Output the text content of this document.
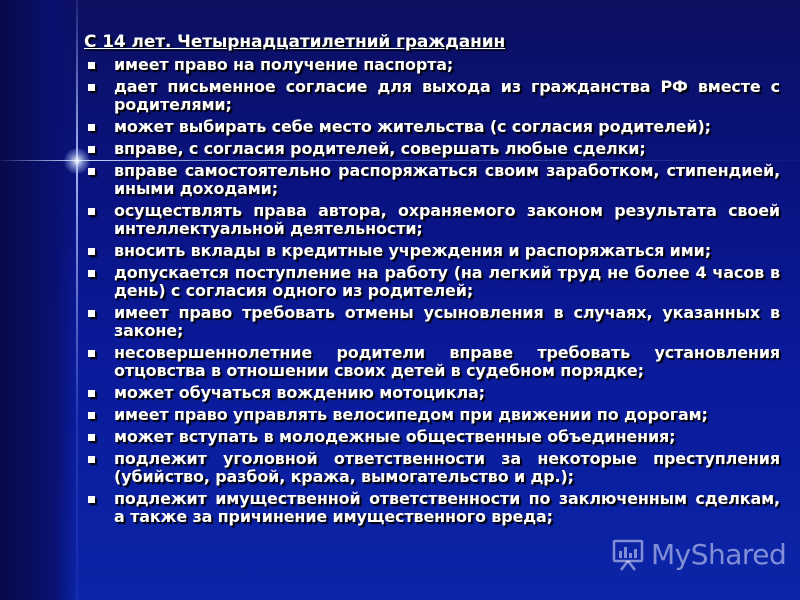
С 14 лет. Четырнадцатилетний гражданин
имеет право на получение паспорта;
дает письменное согласие для выхода из гражданства РФ вместе с родителями;
может выбирать себе место жительства (с согласия родителей);
вправе, с согласия родителей, совершать любые сделки;
вправе самостоятельно распоряжаться своим заработком, стипендией, иными доходами;
осуществлять права автора, охраняемого законом результата своей интеллектуальной деятельности;
вносить вклады в кредитные учреждения и распоряжаться ими;
допускается поступление на работу (на легкий труд не более 4 часов в день) с согласия одного из родителей;
имеет право требовать отмены усыновления в случаях, указанных в законе;
несовершеннолетние родители вправе требовать установления отцовства в отношении своих детей в судебном порядке;
может обучаться вождению мотоцикла;
имеет право управлять велосипедом при движении по дорогам;
может вступать в молодежные общественные объединения;
подлежит уголовной ответственности за некоторые преступления (убийство, разбой, кража, вымогательство и др.);
подлежит имущественной ответственности по заключенным сделкам, а также за причинение имущественного вреда;
MyShared
